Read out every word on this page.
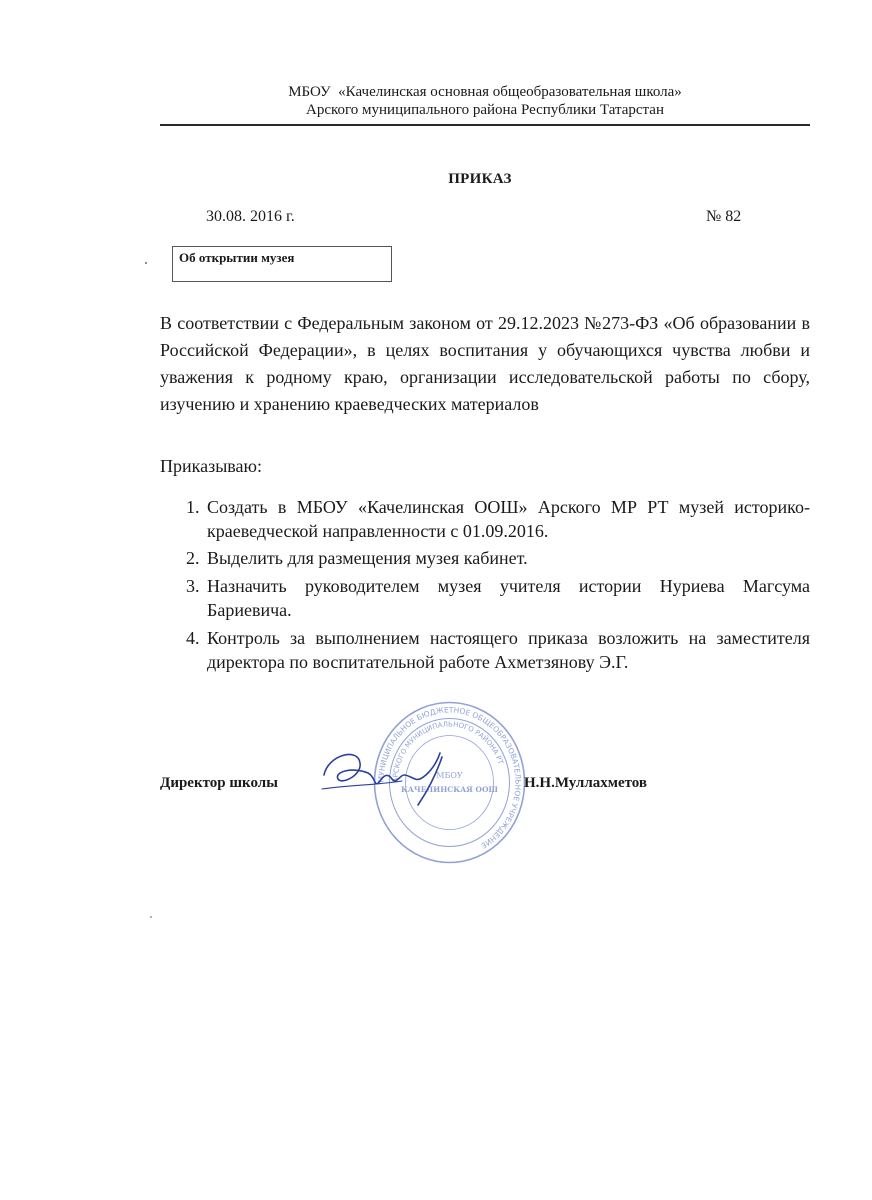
МБОУ  «Качелинская основная общеобразовательная школа»
Арского муниципального района Республики Татарстан
ПРИКАЗ
30.08. 2016 г.	№ 82
Об открытии музея
В соответствии с Федеральным законом от 29.12.2023 №273-ФЗ «Об образовании в Российской Федерации», в целях воспитания у обучающихся чувства любви и уважения к родному краю, организации исследовательской работы по сбору, изучению и хранению краеведческих материалов
Приказываю:
1. Создать в МБОУ «Качелинская ООШ» Арского МР РТ музей историко- краеведческой направленности с 01.09.2016.
2. Выделить для размещения музея кабинет.
3. Назначить руководителем музея учителя истории Нуриева Магсума Бариевича.
4. Контроль за выполнением настоящего приказа возложить на заместителя директора по воспитательной работе Ахметзянову Э.Г.
МУНИЦИПАЛЬНОЕ БЮДЖЕТНОЕ ОБЩЕОБРАЗОВАТЕЛЬНОЕ УЧРЕЖДЕНИЕ
АРСКОГО МУНИЦИПАЛЬНОГО РАЙОНА РТ
МБОУ
КАЧЕЛИНСКАЯ ООШ
Директор школы	Н.Н.Муллахметов
